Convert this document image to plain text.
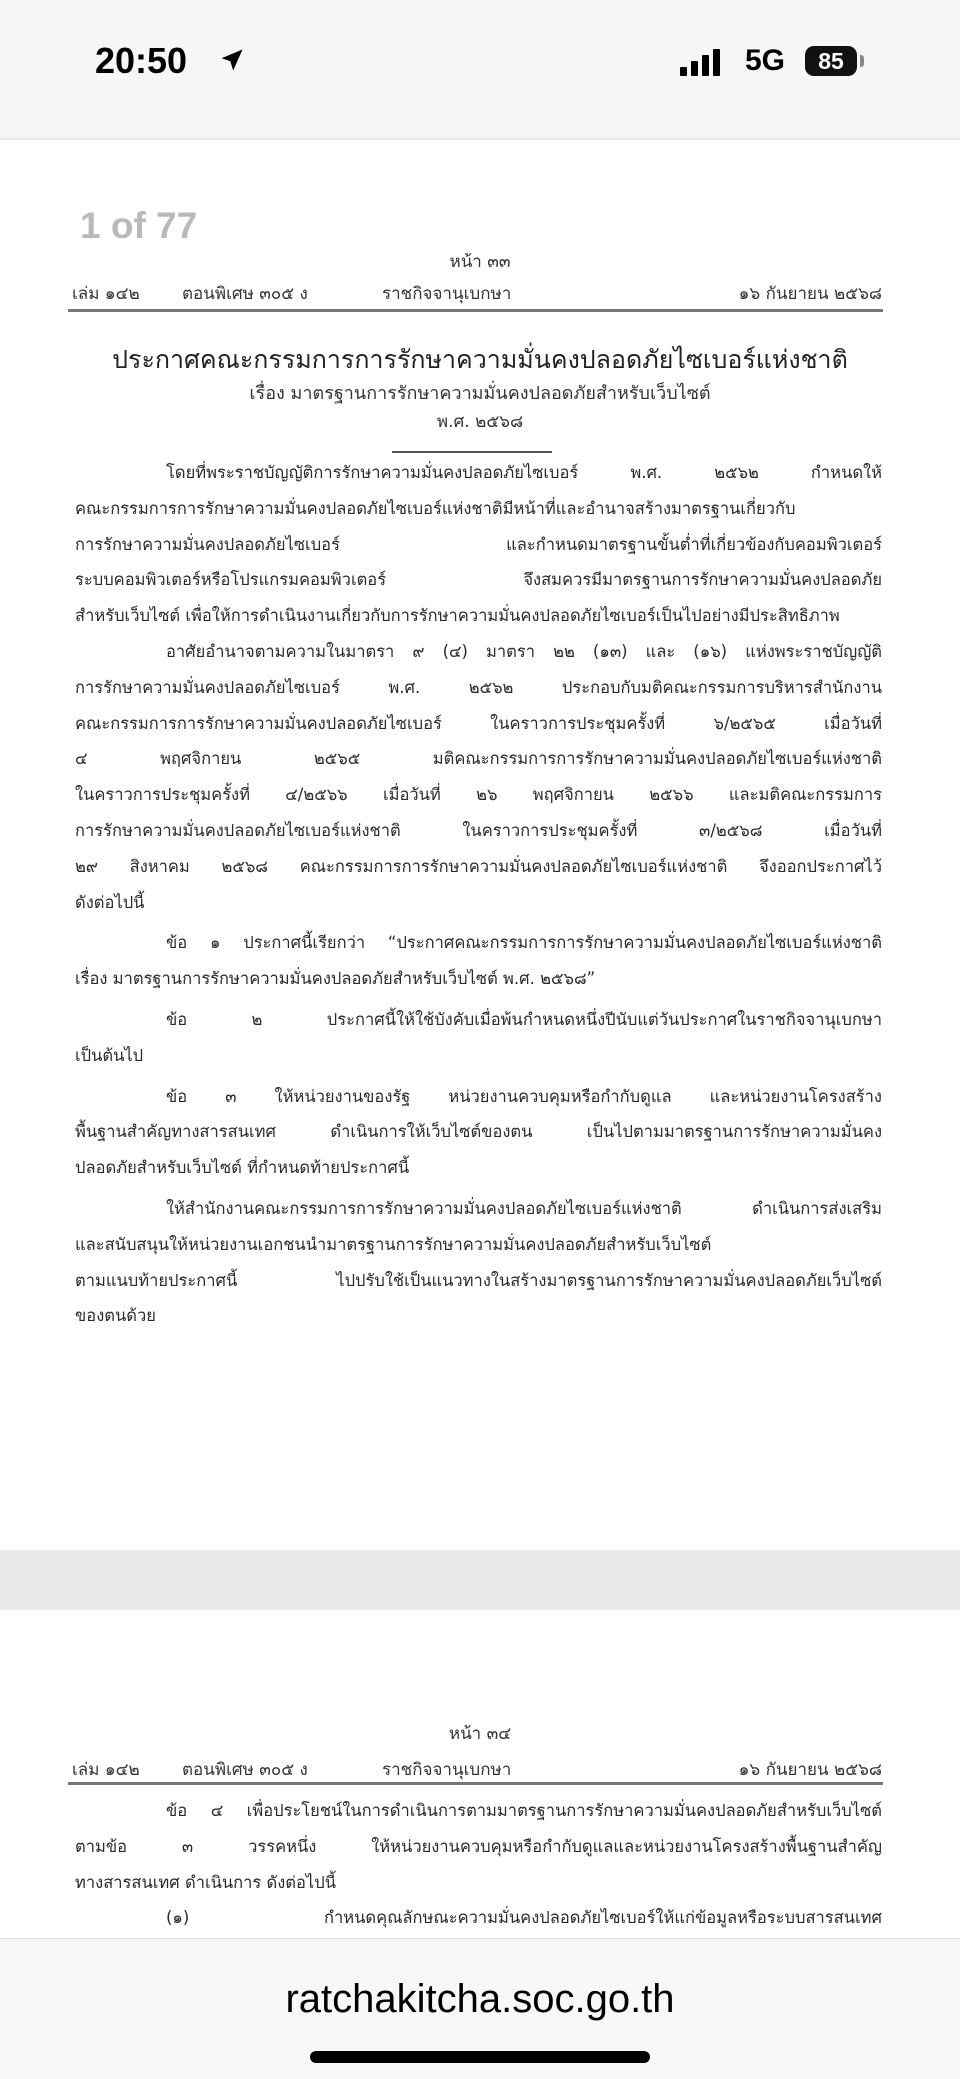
20:50	5G	85
1 of 77
หน้า ๓๓
เล่ม ๑๔๒ ตอนพิเศษ ๓๐๕ ง	ราชกิจจานุเบกษา	๑๖ กันยายน ๒๕๖๘
ประกาศคณะกรรมการการรักษาความมั่นคงปลอดภัยไซเบอร์แห่งชาติ
เรื่อง มาตรฐานการรักษาความมั่นคงปลอดภัยสำหรับเว็บไซต์
พ.ศ. ๒๕๖๘
โดยที่พระราชบัญญัติการรักษาความมั่นคงปลอดภัยไซเบอร์ พ.ศ. ๒๕๖๒ กำหนดให้
คณะกรรมการการรักษาความมั่นคงปลอดภัยไซเบอร์แห่งชาติมีหน้าที่และอำนาจสร้างมาตรฐานเกี่ยวกับ
การรักษาความมั่นคงปลอดภัยไซเบอร์ และกำหนดมาตรฐานขั้นต่ำที่เกี่ยวข้องกับคอมพิวเตอร์
ระบบคอมพิวเตอร์หรือโปรแกรมคอมพิวเตอร์ จึงสมควรมีมาตรฐานการรักษาความมั่นคงปลอดภัย
สำหรับเว็บไซต์ เพื่อให้การดำเนินงานเกี่ยวกับการรักษาความมั่นคงปลอดภัยไซเบอร์เป็นไปอย่างมีประสิทธิภาพ
อาศัยอำนาจตามความในมาตรา ๙ (๔) มาตรา ๒๒ (๑๓) และ (๑๖) แห่งพระราชบัญญัติ
การรักษาความมั่นคงปลอดภัยไซเบอร์ พ.ศ. ๒๕๖๒ ประกอบกับมติคณะกรรมการบริหารสำนักงาน
คณะกรรมการการรักษาความมั่นคงปลอดภัยไซเบอร์ ในคราวการประชุมครั้งที่ ๖/๒๕๖๕ เมื่อวันที่
๔ พฤศจิกายน ๒๕๖๕ มติคณะกรรมการการรักษาความมั่นคงปลอดภัยไซเบอร์แห่งชาติ
ในคราวการประชุมครั้งที่ ๔/๒๕๖๖ เมื่อวันที่ ๒๖ พฤศจิกายน ๒๕๖๖ และมติคณะกรรมการ
การรักษาความมั่นคงปลอดภัยไซเบอร์แห่งชาติ ในคราวการประชุมครั้งที่ ๓/๒๕๖๘ เมื่อวันที่
๒๙ สิงหาคม ๒๕๖๘ คณะกรรมการการรักษาความมั่นคงปลอดภัยไซเบอร์แห่งชาติ จึงออกประกาศไว้
ดังต่อไปนี้
ข้อ ๑ ประกาศนี้เรียกว่า “ประกาศคณะกรรมการการรักษาความมั่นคงปลอดภัยไซเบอร์แห่งชาติ
เรื่อง มาตรฐานการรักษาความมั่นคงปลอดภัยสำหรับเว็บไซต์ พ.ศ. ๒๕๖๘”
ข้อ ๒ ประกาศนี้ให้ใช้บังคับเมื่อพ้นกำหนดหนึ่งปีนับแต่วันประกาศในราชกิจจานุเบกษา
เป็นต้นไป
ข้อ ๓ ให้หน่วยงานของรัฐ หน่วยงานควบคุมหรือกำกับดูแล และหน่วยงานโครงสร้าง
พื้นฐานสำคัญทางสารสนเทศ ดำเนินการให้เว็บไซต์ของตน เป็นไปตามมาตรฐานการรักษาความมั่นคง
ปลอดภัยสำหรับเว็บไซต์ ที่กำหนดท้ายประกาศนี้
ให้สำนักงานคณะกรรมการการรักษาความมั่นคงปลอดภัยไซเบอร์แห่งชาติ ดำเนินการส่งเสริม
และสนับสนุนให้หน่วยงานเอกชนนำมาตรฐานการรักษาความมั่นคงปลอดภัยสำหรับเว็บไซต์
ตามแนบท้ายประกาศนี้ ไปปรับใช้เป็นแนวทางในสร้างมาตรฐานการรักษาความมั่นคงปลอดภัยเว็บไซต์
ของตนด้วย
หน้า ๓๔
เล่ม ๑๔๒ ตอนพิเศษ ๓๐๕ ง	ราชกิจจานุเบกษา	๑๖ กันยายน ๒๕๖๘
ข้อ ๔ เพื่อประโยชน์ในการดำเนินการตามมาตรฐานการรักษาความมั่นคงปลอดภัยสำหรับเว็บไซต์
ตามข้อ ๓ วรรคหนึ่ง ให้หน่วยงานควบคุมหรือกำกับดูแลและหน่วยงานโครงสร้างพื้นฐานสำคัญ
ทางสารสนเทศ ดำเนินการ ดังต่อไปนี้
(๑) กำหนดคุณลักษณะความมั่นคงปลอดภัยไซเบอร์ให้แก่ข้อมูลหรือระบบสารสนเทศ
ratchakitcha.soc.go.th
